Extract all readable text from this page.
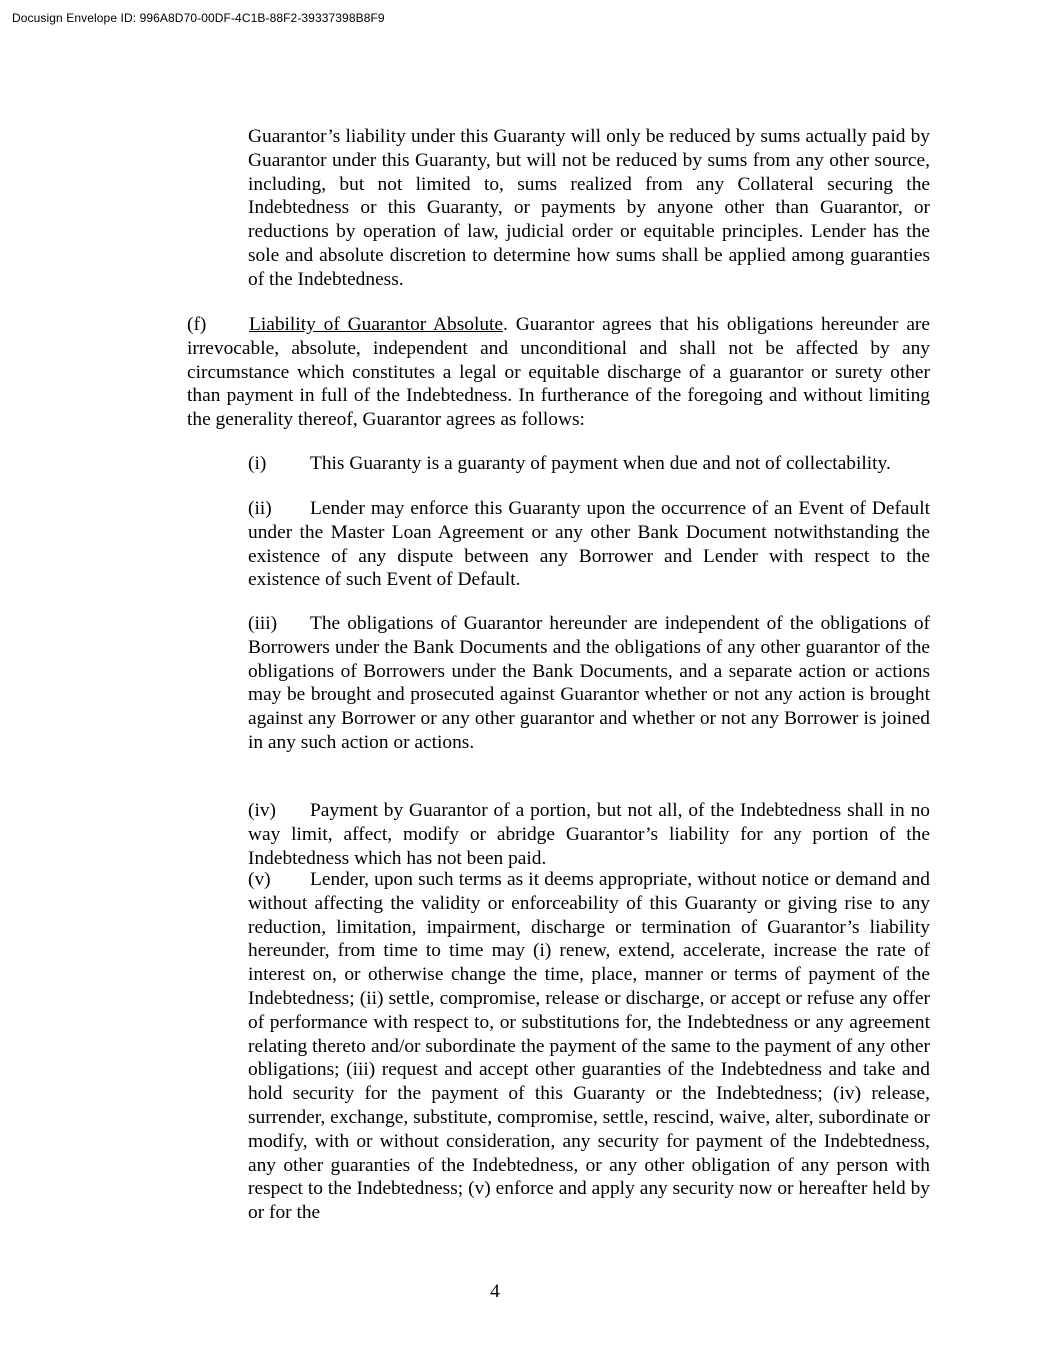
Docusign Envelope ID: 996A8D70-00DF-4C1B-88F2-39337398B8F9

Guarantor’s liability under this Guaranty will only be reduced by sums actually paid by Guarantor under this Guaranty, but will not be reduced by sums from any other source, including, but not limited to, sums realized from any Collateral securing the Indebtedness or this Guaranty, or payments by anyone other than Guarantor, or reductions by operation of law, judicial order or equitable principles. Lender has the sole and absolute discretion to determine how sums shall be applied among guaranties of the Indebtedness.

(f) Liability of Guarantor Absolute. Guarantor agrees that his obligations hereunder are irrevocable, absolute, independent and unconditional and shall not be affected by any circumstance which constitutes a legal or equitable discharge of a guarantor or surety other than payment in full of the Indebtedness. In furtherance of the foregoing and without limiting the generality thereof, Guarantor agrees as follows:

(i) This Guaranty is a guaranty of payment when due and not of collectability.

(ii) Lender may enforce this Guaranty upon the occurrence of an Event of Default under the Master Loan Agreement or any other Bank Document notwithstanding the existence of any dispute between any Borrower and Lender with respect to the existence of such Event of Default.

(iii) The obligations of Guarantor hereunder are independent of the obligations of Borrowers under the Bank Documents and the obligations of any other guarantor of the obligations of Borrowers under the Bank Documents, and a separate action or actions may be brought and prosecuted against Guarantor whether or not any action is brought against any Borrower or any other guarantor and whether or not any Borrower is joined in any such action or actions.

(iv) Payment by Guarantor of a portion, but not all, of the Indebtedness shall in no way limit, affect, modify or abridge Guarantor’s liability for any portion of the Indebtedness which has not been paid.

(v) Lender, upon such terms as it deems appropriate, without notice or demand and without affecting the validity or enforceability of this Guaranty or giving rise to any reduction, limitation, impairment, discharge or termination of Guarantor’s liability hereunder, from time to time may (i) renew, extend, accelerate, increase the rate of interest on, or otherwise change the time, place, manner or terms of payment of the Indebtedness; (ii) settle, compromise, release or discharge, or accept or refuse any offer of performance with respect to, or substitutions for, the Indebtedness or any agreement relating thereto and/or subordinate the payment of the same to the payment of any other obligations; (iii) request and accept other guaranties of the Indebtedness and take and hold security for the payment of this Guaranty or the Indebtedness; (iv) release, surrender, exchange, substitute, compromise, settle, rescind, waive, alter, subordinate or modify, with or without consideration, any security for payment of the Indebtedness, any other guaranties of the Indebtedness, or any other obligation of any person with respect to the Indebtedness; (v) enforce and apply any security now or hereafter held by or for the

4
